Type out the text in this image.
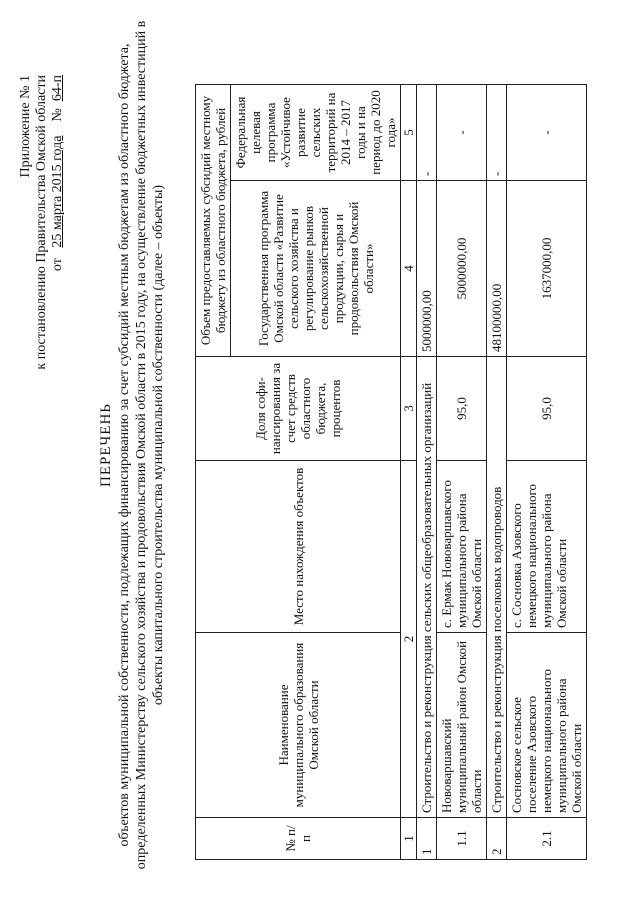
Приложение № 1 к постановлению Правительства Омской области от   25 марта 2015 года    №  64-п
ПЕРЕЧЕНЬ объектов муниципальной собственности, подлежащих финансированию за счет субсидий местным бюджетам из областного бюджета, определенных Министерству сельского хозяйства и продовольствия Омской области в 2015 году, на осуществление бюджетных инвестиций в объекты капитального строительства муниципальной собственности (далее – объекты)
№ п/п	Наименование муниципального образования Омской области	Место нахождения объектов	Доля софи-нансирования за счет средств областного бюджета, процентов	Объем предоставляемых субсидий местному бюджету из областного бюджета, рублей	
				Государственная программа Омской области «Развитие сельского хозяйства и регулирование рынков сельскохозяйственной продукции, сырья и продовольствия Омской области»	Федеральная целевая программа «Устойчивое развитие сельских территорий на 2014 – 2017 годы и на период до 2020 года»
1	2		3	4	5
1	Строительство и реконструкция сельских общеобразовательных организаций			5000000,00	-
1.1	Нововаршавский муниципальный район Омской области	с. Ермак Нововаршавского муниципального района Омской области	95,0	5000000,00	-
2	Строительство и реконструкция поселковых водопроводов			48100000,00	-
2.1	Сосновское сельское поселение Азовского немецкого национального муниципального района Омской области	с. Сосновка Азовского немецкого национального муниципального района Омской области	95,0	1637000,00	-
